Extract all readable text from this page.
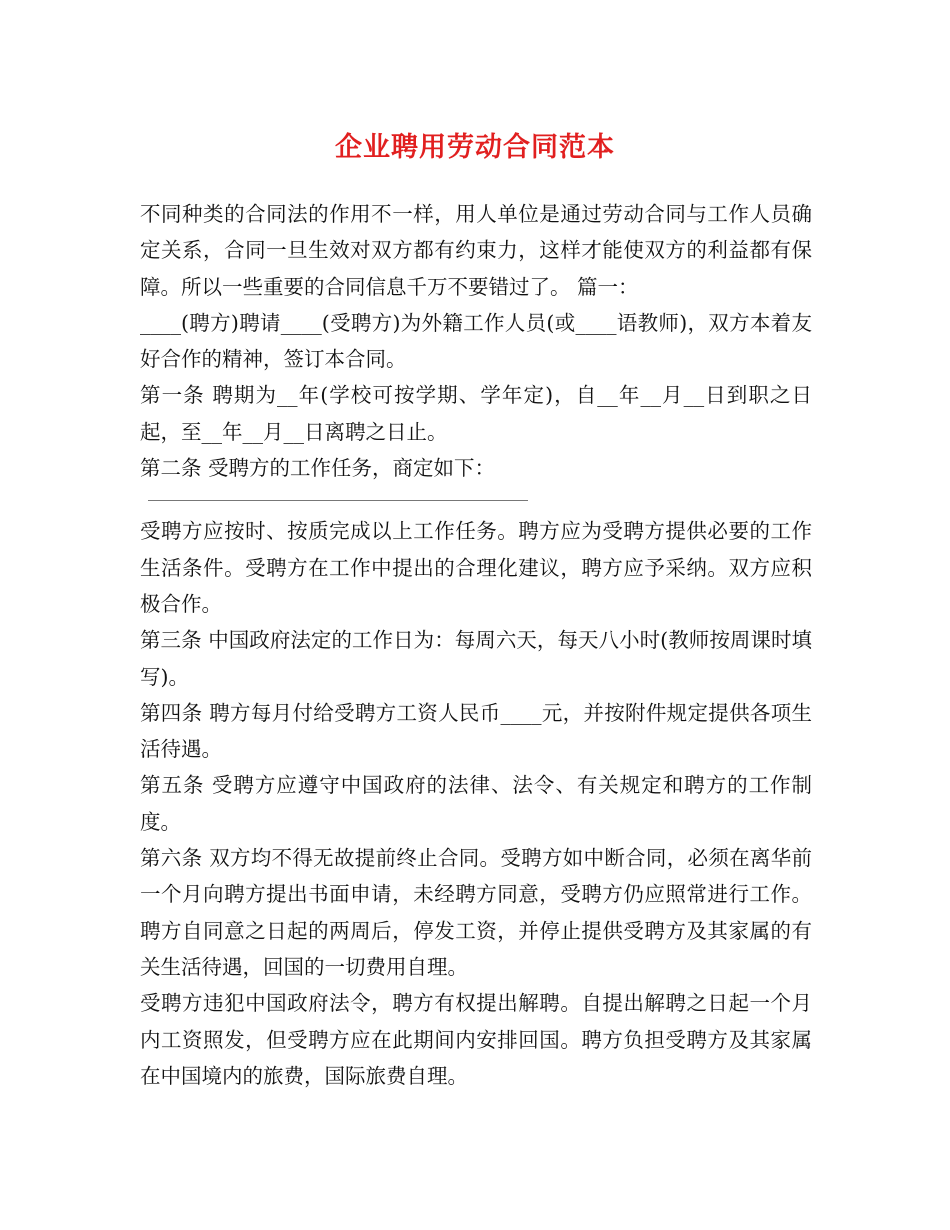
企业聘用劳动合同范本

不同种类的合同法的作用不一样，用人单位是通过劳动合同与工作人员确定关系，合同一旦生效对双方都有约束力，这样才能使双方的利益都有保障。所以一些重要的合同信息千万不要错过了。 篇一：

____(聘方)聘请____(受聘方)为外籍工作人员(或____语教师)，双方本着友好合作的精神，签订本合同。

第一条 聘期为__年(学校可按学期、学年定)，自__年__月__日到职之日起，至__年__月__日离聘之日止。

第二条 受聘方的工作任务，商定如下：

受聘方应按时、按质完成以上工作任务。聘方应为受聘方提供必要的工作生活条件。受聘方在工作中提出的合理化建议，聘方应予采纳。双方应积极合作。

第三条 中国政府法定的工作日为：每周六天，每天八小时(教师按周课时填写)。

第四条 聘方每月付给受聘方工资人民币____元，并按附件规定提供各项生活待遇。

第五条 受聘方应遵守中国政府的法律、法令、有关规定和聘方的工作制度。

第六条 双方均不得无故提前终止合同。受聘方如中断合同，必须在离华前一个月向聘方提出书面申请，未经聘方同意，受聘方仍应照常进行工作。聘方自同意之日起的两周后，停发工资，并停止提供受聘方及其家属的有关生活待遇，回国的一切费用自理。

受聘方违犯中国政府法令，聘方有权提出解聘。自提出解聘之日起一个月内工资照发，但受聘方应在此期间内安排回国。聘方负担受聘方及其家属在中国境内的旅费，国际旅费自理。
